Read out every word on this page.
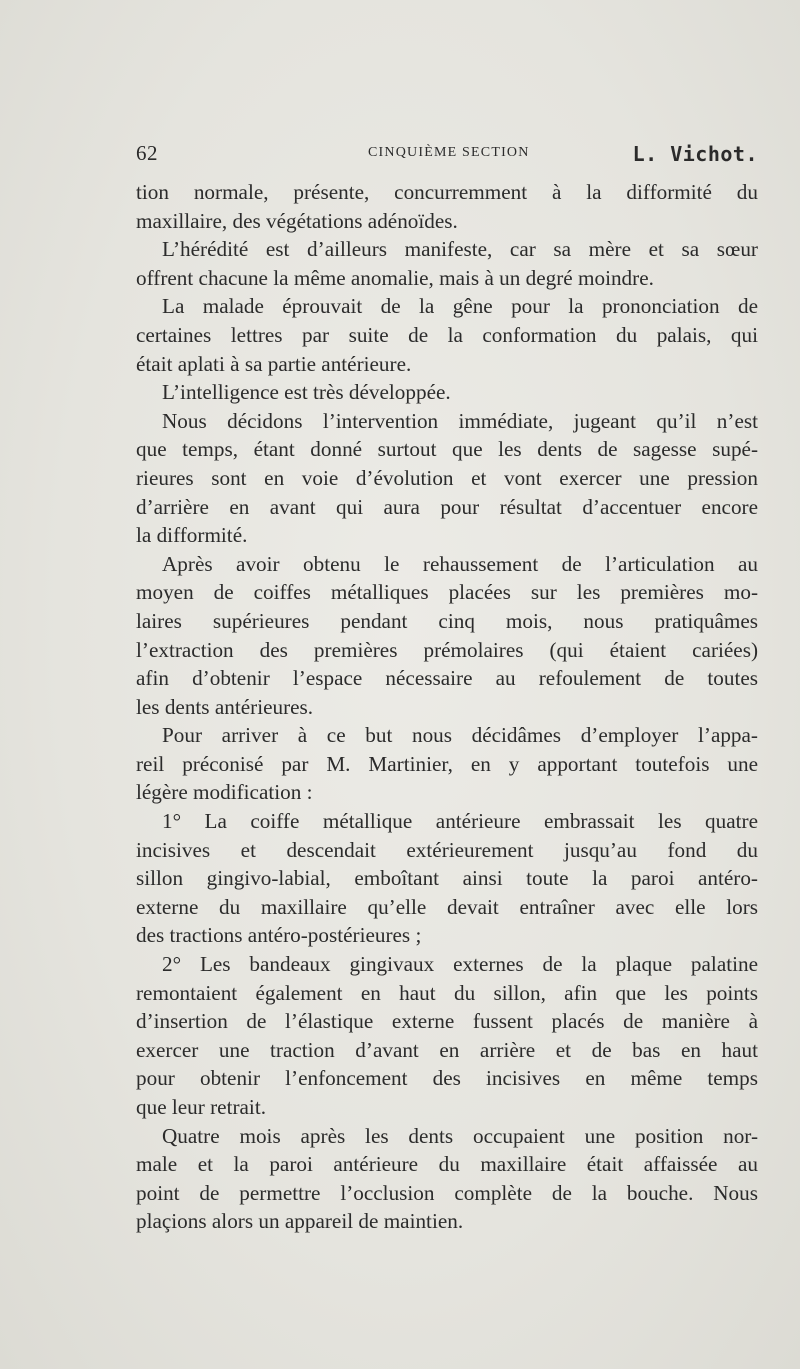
62	CINQUIÈME SECTION	L. Vichot.
tion normale, présente, concurremment à la difformité du
maxillaire, des végétations adénoïdes.
L’hérédité est d’ailleurs manifeste, car sa mère et sa sœur
offrent chacune la même anomalie, mais à un degré moindre.
La malade éprouvait de la gêne pour la prononciation de
certaines lettres par suite de la conformation du palais, qui
était aplati à sa partie antérieure.
L’intelligence est très développée.
Nous décidons l’intervention immédiate, jugeant qu’il n’est
que temps, étant donné surtout que les dents de sagesse supé-
rieures sont en voie d’évolution et vont exercer une pression
d’arrière en avant qui aura pour résultat d’accentuer encore
la difformité.
Après avoir obtenu le rehaussement de l’articulation au
moyen de coiffes métalliques placées sur les premières mo-
laires supérieures pendant cinq mois, nous pratiquâmes
l’extraction des premières prémolaires (qui étaient cariées)
afin d’obtenir l’espace nécessaire au refoulement de toutes
les dents antérieures.
Pour arriver à ce but nous décidâmes d’employer l’appa-
reil préconisé par M. Martinier, en y apportant toutefois une
légère modification :
1° La coiffe métallique antérieure embrassait les quatre
incisives et descendait extérieurement jusqu’au fond du
sillon gingivo-labial, emboîtant ainsi toute la paroi antéro-
externe du maxillaire qu’elle devait entraîner avec elle lors
des tractions antéro-postérieures ;
2° Les bandeaux gingivaux externes de la plaque palatine
remontaient également en haut du sillon, afin que les points
d’insertion de l’élastique externe fussent placés de manière à
exercer une traction d’avant en arrière et de bas en haut
pour obtenir l’enfoncement des incisives en même temps
que leur retrait.
Quatre mois après les dents occupaient une position nor-
male et la paroi antérieure du maxillaire était affaissée au
point de permettre l’occlusion complète de la bouche. Nous
plaçions alors un appareil de maintien.
